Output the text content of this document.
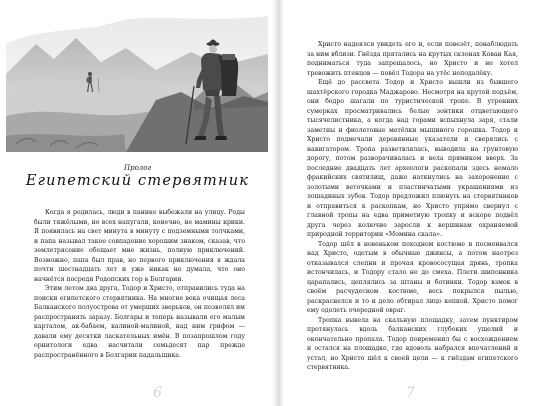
Пролог
Египетский стервятник

Когда я родилась, люди в панике выбежали на улицу. Роды были тяжёлыми, но всех напугали, конечно, не мамины крики. Я появилась на свет минута в минуту с подземными толчками, и папа называл такое совпадение хорошим знаком, сказав, что землетрясение обещает мне жизнь, полную приключений. Возможно, папа был прав, но первого приключения я ждала почти шестнадцать лет и уже никак не думала, что оно начнётся посреди Родопских гор в Болгарии.

Этим летом два друга, Тодор и Христо, отправились туда на поиски египетского стервятника. На многие века очищая леса Балканского полуострова от умерших зверьков, он позволял им распространять заразу. Болгары и теперь называли его малым карталом, ак-бабаем, калиной-малиной, над ним грифом — давали ему десятки ласкательных имён. В позапрошлом году орнитологи едва насчитали семьдесят пар прежде распространённого в Болгарии падальщика.

6

Христо надеялся увидеть его и, если повезёт, понаблюдать за ним вблизи. Гнёзда прятались на крутых склонах Кован Кая, подниматься туда запрещалось, но Христо и не хотел тревожить птенцов — повёл Тодора на утёс неподалёку.

Ещё до рассвета Тодор и Христо вышли из бывшего шахтёрского городка Маджарово. Несмотря на крутой подъём, они бодро шагали по туристической тропе. В утренних сумерках просматривались белые зонтики отцветающего тысячелистника, а когда над горами вспыхнула заря, стали заметны и фиолетовые метёлки мышиного горошка. Тодор и Христо подмечали деревянные указатели и сверялись с навигатором. Тропа разветвлялась, выводила на грунтовую дорогу, потом разворачивалась и вела прямиком вверх. За последние двадцать лет археологи раскопали здесь немало фракийских святилищ, даже наткнулись на захоронение с золотыми веточками и пластинчатыми украшениями из лошадиных зубов. Тодор предложил плюнуть на стервятников и отправиться к раскопкам, но Христо упрямо свернул с главной тропы на едва приметную тропку и вскоре подвёл друга через колючие заросли к вершинам охраняемой природной территории «Момина скала».

Тодор шёл в новеньком походном костюме и посмеивался над Христо, одетым в обычные джинсы, а потом наотрез отказывался слепни и прочая кровососущая дрянь, тропка истончилась, и Тодору стало не до смеха. Плети шиповника царапались, цеплялись за штаны и ботинки. Тодор взмок в своём расчудесном костюме, весь покрылся пылью, раскраснелся и то и дело обтирал лицо кепкой. Христо помог ему одолеть очередной овраг.

Тропка вывела на скальную площадку, затем пунктиром протянулась вдоль балканских глубоких ущелий и окончательно пропала. Тодор повременил бы с восхождением и остался на площадке, где вдоволь набрался впечатлений и устал, но Христо шёл к своей цели — к гнёздам египетского стервятника.

7
